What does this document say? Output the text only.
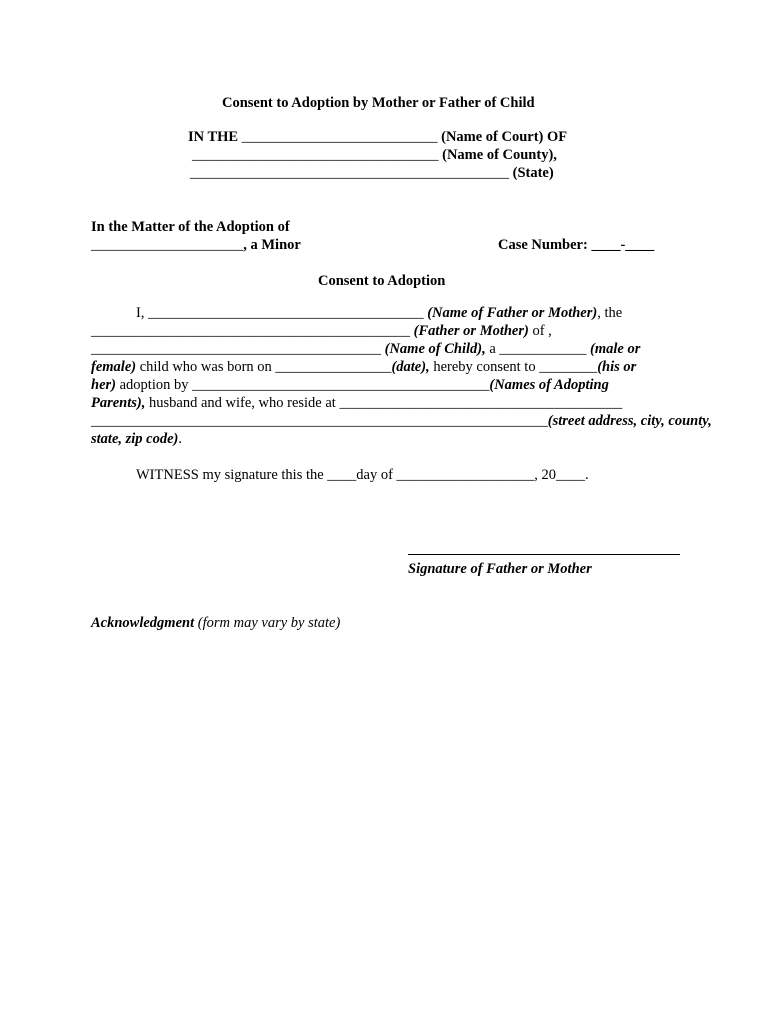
Consent to Adoption by Mother or Father of Child
IN THE ___________________________ (Name of Court) OF
__________________________________ (Name of County),
____________________________________________ (State)
In the Matter of the Adoption of
_____________________, a Minor	Case Number: ____-____
Consent to Adoption
I, ______________________________________ (Name of Father or Mother), the
____________________________________________ (Father or Mother) of ,
________________________________________ (Name of Child), a ____________ (male or
female) child who was born on ________________(date), hereby consent to ________(his or
her) adoption by _________________________________________(Names of Adopting
Parents), husband and wife, who reside at _______________________________________
_______________________________________________________________(street address, city, county,
state, zip code).
WITNESS my signature this the ____day of ___________________, 20____.
Signature of Father or Mother
Acknowledgment (form may vary by state)
